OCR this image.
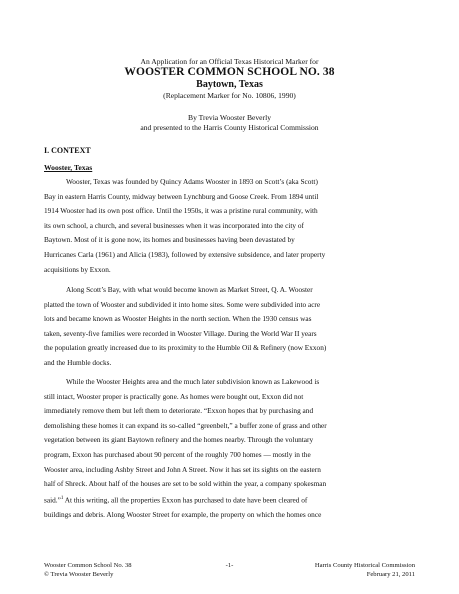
An Application for an Official Texas Historical Marker for
WOOSTER COMMON SCHOOL NO. 38
Baytown, Texas
(Replacement Marker for No. 10806, 1990)
By Trevia Wooster Beverly
and presented to the Harris County Historical Commission
I. CONTEXT
Wooster, Texas
Wooster, Texas was founded by Quincy Adams Wooster in 1893 on Scott’s (aka Scott)
Bay in eastern Harris County, midway between Lynchburg and Goose Creek. From 1894 until
1914 Wooster had its own post office. Until the 1950s, it was a pristine rural community, with
its own school, a church, and several businesses when it was incorporated into the city of
Baytown. Most of it is gone now, its homes and businesses having been devastated by
Hurricanes Carla (1961) and Alicia (1983), followed by extensive subsidence, and later property
acquisitions by Exxon.
Along Scott’s Bay, with what would become known as Market Street, Q. A. Wooster
platted the town of Wooster and subdivided it into home sites. Some were subdivided into acre
lots and became known as Wooster Heights in the north section. When the 1930 census was
taken, seventy-five families were recorded in Wooster Village. During the World War II years
the population greatly increased due to its proximity to the Humble Oil & Refinery (now Exxon)
and the Humble docks.
While the Wooster Heights area and the much later subdivision known as Lakewood is
still intact, Wooster proper is practically gone. As homes were bought out, Exxon did not
immediately remove them but left them to deteriorate. “Exxon hopes that by purchasing and
demolishing these homes it can expand its so-called “greenbelt,” a buffer zone of grass and other
vegetation between its giant Baytown refinery and the homes nearby. Through the voluntary
program, Exxon has purchased about 90 percent of the roughly 700 homes — mostly in the
Wooster area, including Ashby Street and John A Street. Now it has set its sights on the eastern
half of Shreck. About half of the houses are set to be sold within the year, a company spokesman
said.”$^1$ At this writing, all the properties Exxon has purchased to date have been cleared of
buildings and debris. Along Wooster Street for example, the property on which the homes once
Wooster Common School No. 38
© Trevia Wooster Beverly
-1-	Harris County Historical Commission
February 21, 2011
